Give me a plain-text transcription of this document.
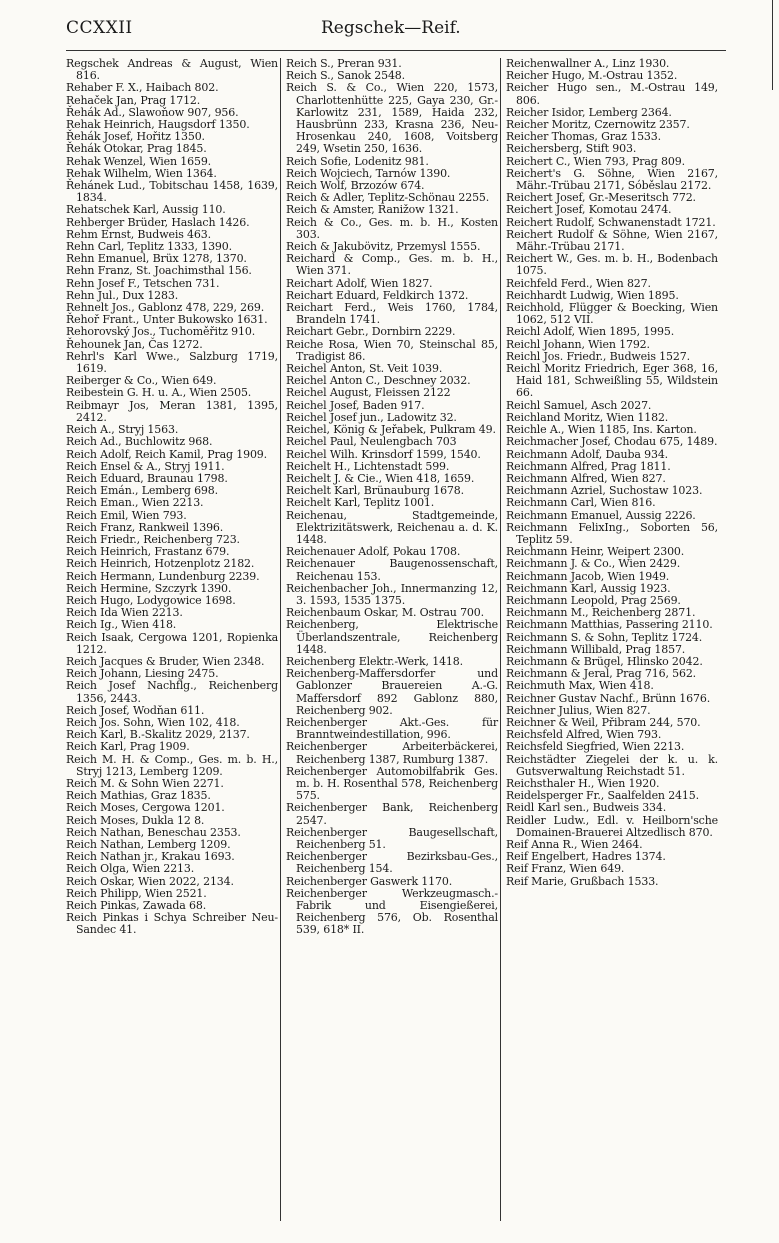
CCXXII	Regschek—Reif.

Regschek Andreas & August, Wien 816.

Rehaber F. X., Haibach 802.

Rehaček Jan, Prag 1712.

Řehák Ad., Slawoňow 907, 956.

Rehak Heinrich, Haugsdorf 1350.

Řehák Josef, Hořitz 1350.

Řehák Otokar, Prag 1845.

Rehak Wenzel, Wien 1659.

Rehak Wilhelm, Wien 1364.

Řehánek Lud., Tobitschau 1458, 1639, 1834.

Rehatschek Karl, Aussig 110.

Rehberger Brüder, Haslach 1426.

Rehm Ernst, Budweis 463.

Rehn Carl, Teplitz 1333, 1390.

Rehn Emanuel, Brüx 1278, 1370.

Rehn Franz, St. Joachimsthal 156.

Rehn Josef F., Tetschen 731.

Rehn Jul., Dux 1283.

Rehnelt Jos., Gablonz 478, 229, 269.

Řehoř Frant., Unter Bukowsko 1631.

Rehorovský Jos., Tuchoměřitz 910.

Řehounek Jan, Čas 1272.

Rehrl's Karl Wwe., Salzburg 1719, 1619.

Reiberger & Co., Wien 649.

Reibestein G. H. u. A., Wien 2505.

Reibmayr Jos, Meran 1381, 1395, 2412.

Reich A., Stryj 1563.

Reich Ad., Buchlowitz 968.

Reich Adolf, Reich Kamil, Prag 1909.

Reich Ensel & A., Stryj 1911.

Reich Eduard, Braunau 1798.

Reich Emán., Lemberg 698.

Reich Eman., Wien 2213.

Reich Emil, Wien 793.

Reich Franz, Rankweil 1396.

Reich Friedr., Reichenberg 723.

Reich Heinrich, Frastanz 679.

Reich Heinrich, Hotzenplotz 2182.

Reich Hermann, Lundenburg 2239.

Reich Hermine, Szczyrk 1390.

Reich Hugo, Lodygowice 1698.

Reich Ida Wien 2213.

Reich Ig., Wien 418.

Reich Isaak, Cergowa 1201, Ropienka 1212.

Reich Jacques & Bruder, Wien 2348.

Reich Johann, Liesing 2475.

Reich Josef Nachflg., Reichenberg 1356, 2443.

Reich Josef, Wodňan 611.

Reich Jos. Sohn, Wien 102, 418.

Reich Karl, B.-Skalitz 2029, 2137.

Reich Karl, Prag 1909.

Reich M. H. & Comp., Ges. m. b. H., Stryj 1213, Lemberg 1209.

Reich M. & Sohn Wien 2271.

Reich Mathias, Graz 1835.

Reich Moses, Cergowa 1201.

Reich Moses, Dukla 12 8.

Reich Nathan, Beneschau 2353.

Reich Nathan, Lemberg 1209.

Reich Nathan jr., Krakau 1693.

Reich Olga, Wien 2213.

Reich Oskar, Wien 2022, 2134.

Reich Philipp, Wien 2521.

Reich Pinkas, Zawada 68.

Reich Pinkas i Schya Schreiber Neu-Sandec 41.

Reich S., Preran 931.

Reich S., Sanok 2548.

Reich S. & Co., Wien 220, 1573, Charlottenhütte 225, Gaya 230, Gr.-Karlowitz 231, 1589, Haida 232, Hausbrünn 233, Krasna 236, Neu-Hrosenkau 240, 1608, Voitsberg 249, Wsetin 250, 1636.

Reich Sofie, Lodenitz 981.

Reich Wojciech, Tarnów 1390.

Reich Wolf, Brzozów 674.

Reich & Adler, Teplitz-Schönau 2255.

Reich & Amster, Ranižow 1321.

Reich & Co., Ges. m. b. H., Kosten 303.

Reich & Jakubövitz, Przemysl 1555.

Reichard & Comp., Ges. m. b. H., Wien 371.

Reichart Adolf, Wien 1827.

Reichart Eduard, Feldkirch 1372.

Reichart Ferd., Weis 1760, 1784, Brandeln 1741.

Reichart Gebr., Dornbirn 2229.

Reiche Rosa, Wien 70, Steinschal 85, Tradigist 86.

Reichel Anton, St. Veit 1039.

Reichel Anton C., Deschney 2032.

Reichel August, Fleissen 2122

Reichel Josef, Baden 917.

Reichel Josef jun., Ladowitz 32.

Reichel, König & Jeřabek, Pulkram 49.

Reichel Paul, Neulengbach 703

Reichel Wilh. Krinsdorf 1599, 1540.

Reichelt H., Lichtenstadt 599.

Reichelt J. & Cie., Wien 418, 1659.

Reichelt Karl, Brünauburg 1678.

Reichelt Karl, Teplitz 1001.

Reichenau, Stadtgemeinde, Elektrizitätswerk, Reichenau a. d. K. 1448.

Reichenauer Adolf, Pokau 1708.

Reichenauer Baugenossenschaft, Reichenau 153.

Reichenbacher Joh., Innermanzing 12, 3. 1593, 1535 1375.

Reichenbaum Oskar, M. Ostrau 700.

Reichenberg, Elektrische Überlandszentrale, Reichenberg 1448.

Reichenberg Elektr.-Werk, 1418.

Reichenberg-Maffersdorfer und Gablonzer Brauereien A.-G. Maffersdorf 892 Gablonz 880, Reichenberg 902.

Reichenberger Akt.-Ges. für Branntweindestillation, 996.

Reichenberger Arbeiterbäckerei, Reichenberg 1387, Rumburg 1387.

Reichenberger Automobilfabrik Ges. m. b. H. Rosenthal 578, Reichenberg 575.

Reichenberger Bank, Reichenberg 2547.

Reichenberger Baugesellschaft, Reichenberg 51.

Reichenberger Bezirksbau-Ges., Reichenberg 154.

Reichenberger Gaswerk 1170.

Reichenberger Werkzeugmasch.-Fabrik und Eisengießerei, Reichenberg 576, Ob. Rosenthal 539, 618* II.

Reichenwallner A., Linz 1930.

Reicher Hugo, M.-Ostrau 1352.

Reicher Hugo sen., M.-Ostrau 149, 806.

Reicher Isidor, Lemberg 2364.

Reicher Moritz, Czernowitz 2357.

Reicher Thomas, Graz 1533.

Reichersberg, Stift 903.

Reichert C., Wien 793, Prag 809.

Reichert's G. Söhne, Wien 2167, Mähr.-Trübau 2171, Sóběslau 2172.

Reichert Josef, Gr.-Meseritsch 772.

Reichert Josef, Komotau 2474.

Reichert Rudolf, Schwanenstadt 1721.

Reichert Rudolf & Söhne, Wien 2167, Mähr.-Trübau 2171.

Reichert W., Ges. m. b. H., Bodenbach 1075.

Reichfeld Ferd., Wien 827.

Reichhardt Ludwig, Wien 1895.

Reichhold, Flügger & Boecking, Wien 1062, 512 VII.

Reichl Adolf, Wien 1895, 1995.

Reichl Johann, Wien 1792.

Reichl Jos. Friedr., Budweis 1527.

Reichl Moritz Friedrich, Eger 368, 16, Haid 181, Schweißling 55, Wildstein 66.

Reichl Samuel, Asch 2027.

Reichland Moritz, Wien 1182.

Reichle A., Wien 1185, Ins. Karton.

Reichmacher Josef, Chodau 675, 1489.

Reichmann Adolf, Dauba 934.

Reichmann Alfred, Prag 1811.

Reichmann Alfred, Wien 827.

Reichmann Azriel, Suchostaw 1023.

Reichmann Carl, Wien 816.

Reichmann Emanuel, Aussig 2226.

Reichmann FelixIng., Soborten 56, Teplitz 59.

Reichmann Heinr, Weipert 2300.

Reichmann J. & Co., Wien 2429.

Reichmann Jacob, Wien 1949.

Reichmann Karl, Aussig 1923.

Reichmann Leopold, Prag 2569.

Reichmann M., Reichenberg 2871.

Reichmann Matthias, Passering 2110.

Reichmann S. & Sohn, Teplitz 1724.

Reichmann Willibald, Prag 1857.

Reichmann & Brügel, Hlinsko 2042.

Reichmann & Jeral, Prag 716, 562.

Reichmuth Max, Wien 418.

Reichner Gustav Nachf., Brünn 1676.

Reichner Julius, Wien 827.

Reichner & Weil, Přibram 244, 570.

Reichsfeld Alfred, Wien 793.

Reichsfeld Siegfried, Wien 2213.

Reichstädter Ziegelei der k. u. k. Gutsverwaltung Reichstadt 51.

Reichsthaler H., Wien 1920.

Reidelsperger Fr., Saalfelden 2415.

Reidl Karl sen., Budweis 334.

Reidler Ludw., Edl. v. Heilborn'sche Domainen-Brauerei Altzedlisch 870.

Reif Anna R., Wien 2464.

Reif Engelbert, Hadres 1374.

Reif Franz, Wien 649.

Reif Marie, Grußbach 1533.
